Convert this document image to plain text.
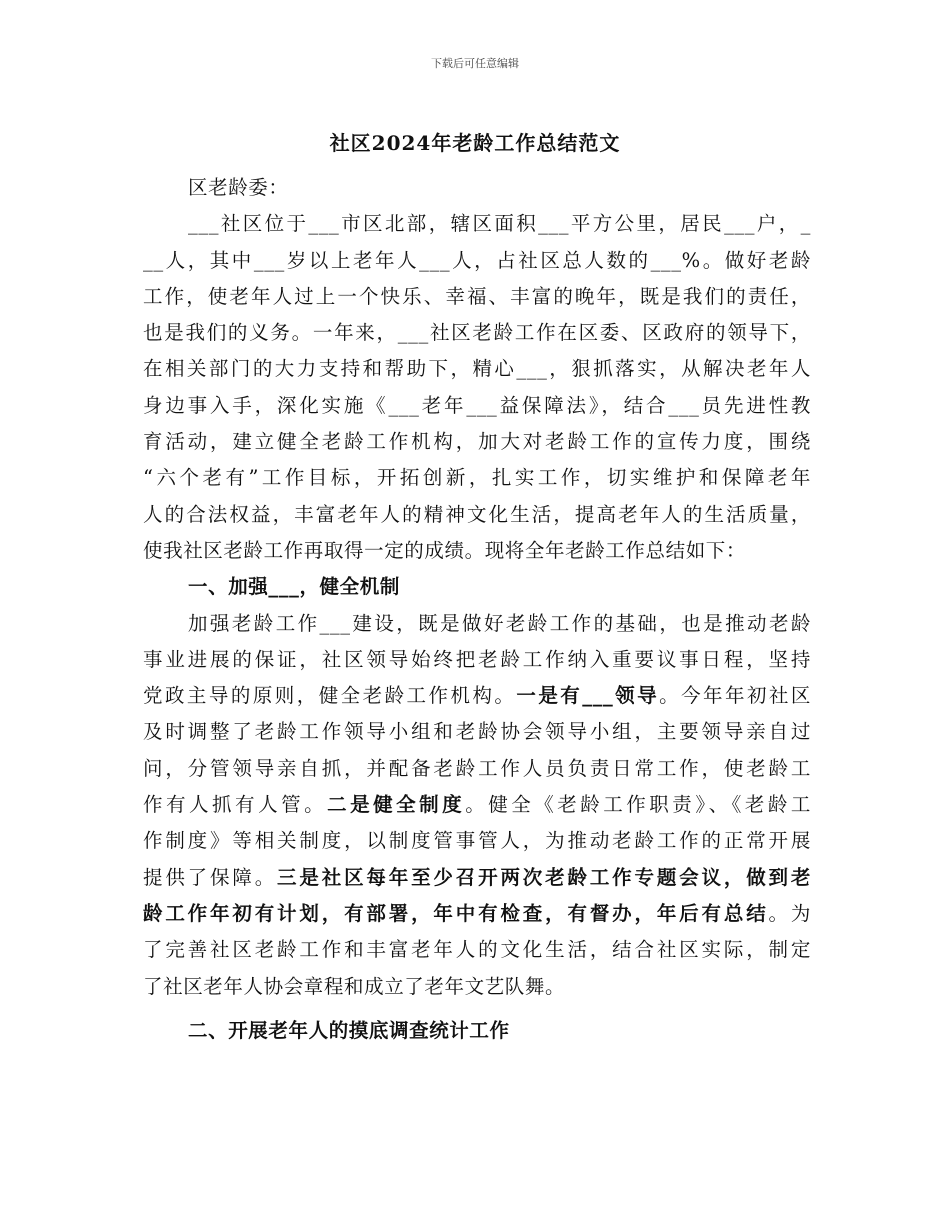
下载后可任意编辑
社区2024年老龄工作总结范文
区老龄委：
___社区位于___市区北部，辖区面积___平方公里，居民___户，_
__人，其中___岁以上老年人___人，占社区总人数的___%。做好老龄
工作，使老年人过上一个快乐、幸福、丰富的晚年，既是我们的责任，
也是我们的义务。一年来，___社区老龄工作在区委、区政府的领导下，
在相关部门的大力支持和帮助下，精心___，狠抓落实，从解决老年人
身边事入手，深化实施《___老年___益保障法》，结合___员先进性教
育活动，建立健全老龄工作机构，加大对老龄工作的宣传力度，围绕
“六个老有”工作目标，开拓创新，扎实工作，切实维护和保障老年
人的合法权益，丰富老年人的精神文化生活，提高老年人的生活质量，
使我社区老龄工作再取得一定的成绩。现将全年老龄工作总结如下：
一、加强___，健全机制
加强老龄工作___建设，既是做好老龄工作的基础，也是推动老龄
事业进展的保证，社区领导始终把老龄工作纳入重要议事日程，坚持
党政主导的原则，健全老龄工作机构。一是有___领导。今年年初社区
及时调整了老龄工作领导小组和老龄协会领导小组，主要领导亲自过
问，分管领导亲自抓，并配备老龄工作人员负责日常工作，使老龄工
作有人抓有人管。二是健全制度。健全《老龄工作职责》、《老龄工
作制度》等相关制度，以制度管事管人，为推动老龄工作的正常开展
提供了保障。三是社区每年至少召开两次老龄工作专题会议，做到老
龄工作年初有计划，有部署，年中有检查，有督办，年后有总结。为
了完善社区老龄工作和丰富老年人的文化生活，结合社区实际，制定
了社区老年人协会章程和成立了老年文艺队舞。
二、开展老年人的摸底调查统计工作
